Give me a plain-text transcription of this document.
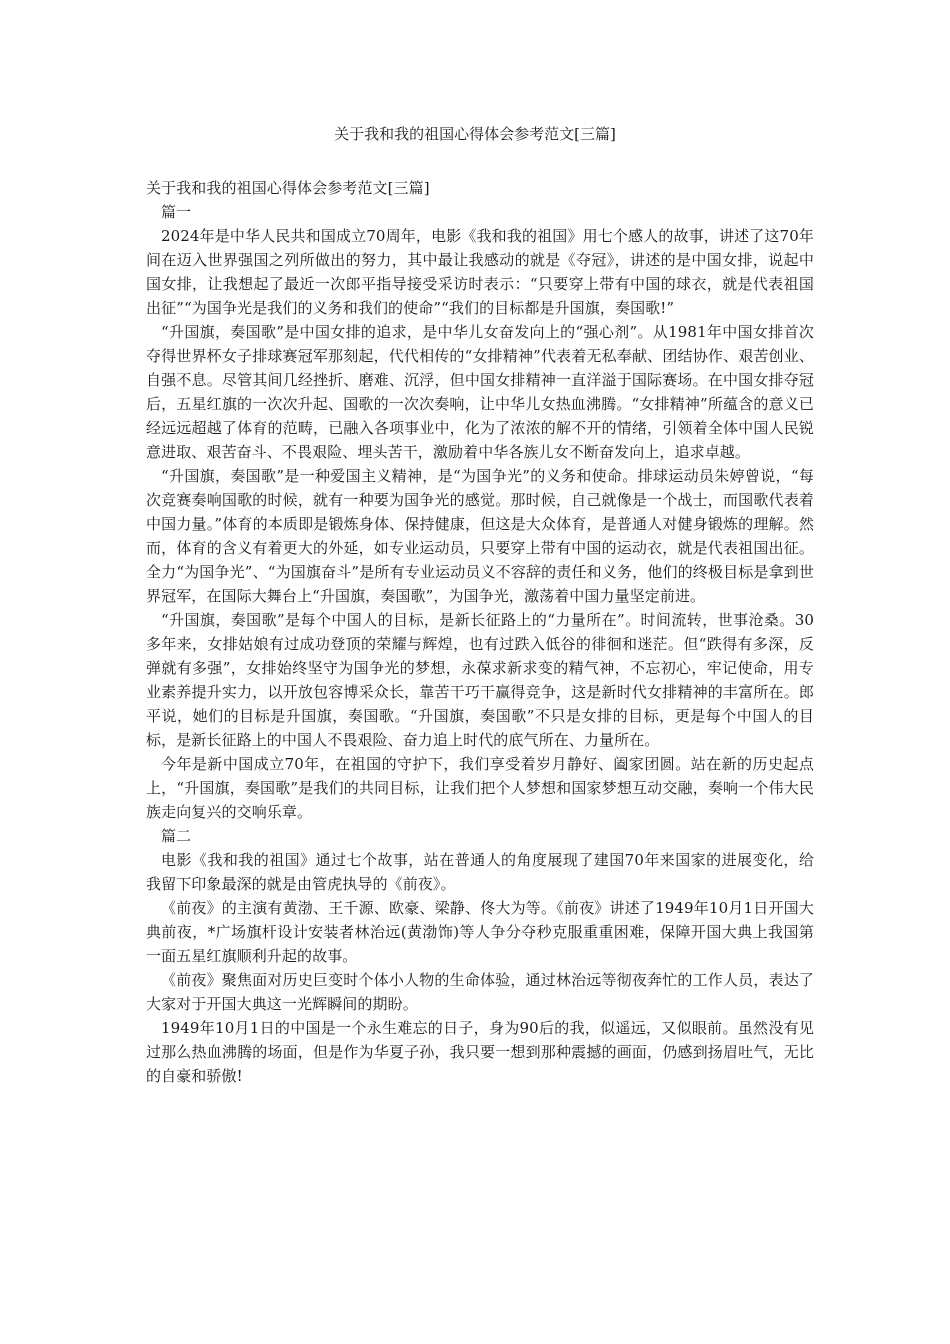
关于我和我的祖国心得体会参考范文[三篇]

关于我和我的祖国心得体会参考范文[三篇]

篇一

2024年是中华人民共和国成立70周年，电影《我和我的祖国》用七个感人的故事，讲述了这70年间在迈入世界强国之列所做出的努力，其中最让我感动的就是《夺冠》，讲述的是中国女排，说起中国女排，让我想起了最近一次郎平指导接受采访时表示：“只要穿上带有中国的球衣，就是代表祖国出征”“为国争光是我们的义务和我们的使命”“我们的目标都是升国旗，奏国歌!”

“升国旗，奏国歌”是中国女排的追求，是中华儿女奋发向上的“强心剂”。从1981年中国女排首次夺得世界杯女子排球赛冠军那刻起，代代相传的“女排精神”代表着无私奉献、团结协作、艰苦创业、自强不息。尽管其间几经挫折、磨难、沉浮，但中国女排精神一直洋溢于国际赛场。在中国女排夺冠后，五星红旗的一次次升起、国歌的一次次奏响，让中华儿女热血沸腾。“女排精神”所蕴含的意义已经远远超越了体育的范畴，已融入各项事业中，化为了浓浓的解不开的情绪，引领着全体中国人民锐意进取、艰苦奋斗、不畏艰险、埋头苦干，激励着中华各族儿女不断奋发向上，追求卓越。

“升国旗，奏国歌”是一种爱国主义精神，是“为国争光”的义务和使命。排球运动员朱婷曾说，“每次竞赛奏响国歌的时候，就有一种要为国争光的感觉。那时候，自己就像是一个战士，而国歌代表着中国力量。”体育的本质即是锻炼身体、保持健康，但这是大众体育，是普通人对健身锻炼的理解。然而，体育的含义有着更大的外延，如专业运动员，只要穿上带有中国的运动衣，就是代表祖国出征。全力“为国争光”、“为国旗奋斗”是所有专业运动员义不容辞的责任和义务，他们的终极目标是拿到世界冠军，在国际大舞台上“升国旗，奏国歌”，为国争光，激荡着中国力量坚定前进。

“升国旗，奏国歌”是每个中国人的目标，是新长征路上的“力量所在”。时间流转，世事沧桑。30多年来，女排姑娘有过成功登顶的荣耀与辉煌，也有过跌入低谷的徘徊和迷茫。但“跌得有多深，反弹就有多强”，女排始终坚守为国争光的梦想，永葆求新求变的精气神，不忘初心，牢记使命，用专业素养提升实力，以开放包容博采众长，靠苦干巧干赢得竞争，这是新时代女排精神的丰富所在。郎平说，她们的目标是升国旗，奏国歌。“升国旗，奏国歌”不只是女排的目标，更是每个中国人的目标，是新长征路上的中国人不畏艰险、奋力追上时代的底气所在、力量所在。

今年是新中国成立70年，在祖国的守护下，我们享受着岁月静好、阖家团圆。站在新的历史起点上，“升国旗，奏国歌”是我们的共同目标，让我们把个人梦想和国家梦想互动交融，奏响一个伟大民族走向复兴的交响乐章。

篇二

电影《我和我的祖国》通过七个故事，站在普通人的角度展现了建国70年来国家的进展变化，给我留下印象最深的就是由管虎执导的《前夜》。

《前夜》的主演有黄渤、王千源、欧豪、梁静、佟大为等。《前夜》讲述了1949年10月1日开国大典前夜，*广场旗杆设计安装者林治远(黄渤饰)等人争分夺秒克服重重困难，保障开国大典上我国第一面五星红旗顺利升起的故事。

《前夜》聚焦面对历史巨变时个体小人物的生命体验，通过林治远等彻夜奔忙的工作人员，表达了大家对于开国大典这一光辉瞬间的期盼。

1949年10月1日的中国是一个永生难忘的日子，身为90后的我，似遥远，又似眼前。虽然没有见过那么热血沸腾的场面，但是作为华夏子孙，我只要一想到那种震撼的画面，仍感到扬眉吐气，无比的自豪和骄傲!
